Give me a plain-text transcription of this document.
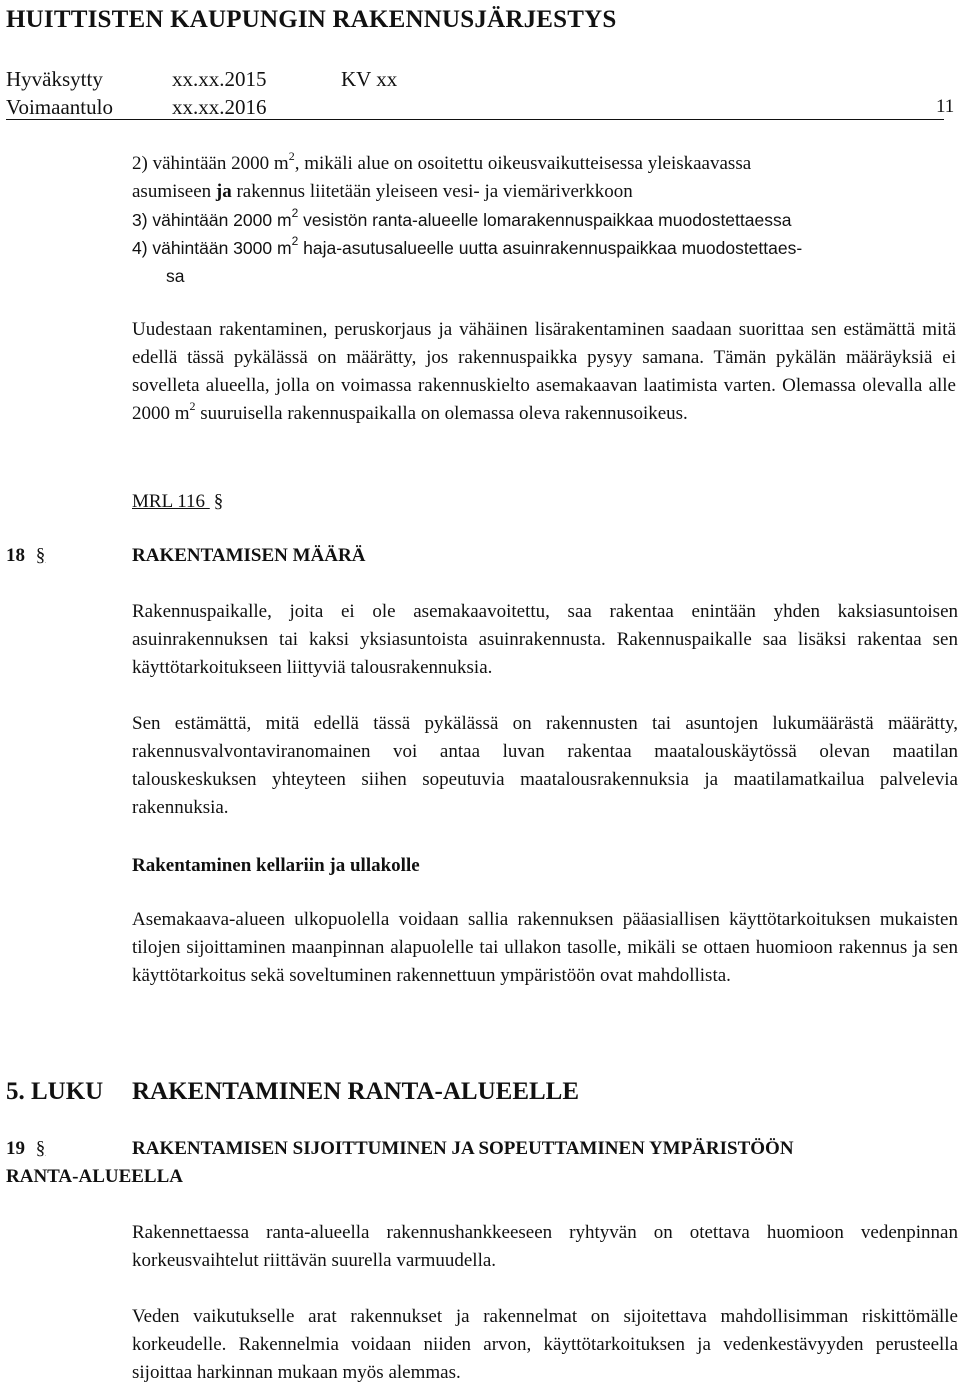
HUITTISTEN KAUPUNGIN RAKENNUSJÄRJESTYS
Hyväksytty	xx.xx.2015	KV xx
Voimaantulo	xx.xx.2016	11
2) vähintään 2000 $m^2$, mikäli alue on osoitettu oikeusvaikutteisessa yleiskaavassa
asumiseen ja rakennus liitetään yleiseen vesi- ja viemäriverkkoon
3) vähintään 2000 $m^2$ vesistön ranta-alueelle lomarakennuspaikkaa muodostettaessa
4) vähintään 3000 $m^2$ haja-asutusalueelle uutta asuinrakennuspaikkaa muodostettaes-
sa
Uudestaan rakentaminen, peruskorjaus ja vähäinen lisärakentaminen saadaan suorittaa sen estämättä mitä edellä tässä pykälässä on määrätty, jos rakennuspaikka pysyy samana. Tämän pykälän määräyksiä ei sovelleta alueella, jolla on voimassa rakennuskielto asemakaavan laatimista varten. Olemassa olevalla alle 2000 $m^2$ suuruisella rakennuspaikalla on olemassa oleva rakennusoikeus.
MRL 116 §
18 §	RAKENTAMISEN MÄÄRÄ
Rakennuspaikalle, joita ei ole asemakaavoitettu, saa rakentaa enintään yhden kaksiasuntoisen asuinrakennuksen tai kaksi yksiasuntoista asuinrakennusta. Rakennuspaikalle saa lisäksi rakentaa sen käyttötarkoitukseen liittyviä talousrakennuksia.
Sen estämättä, mitä edellä tässä pykälässä on rakennusten tai asuntojen lukumäärästä määrätty, rakennusvalvontaviranomainen voi antaa luvan rakentaa maatalouskäytössä olevan maatilan talouskeskuksen yhteyteen siihen sopeutuvia maatalousrakennuksia ja maatilamatkailua palvelevia rakennuksia.
Rakentaminen kellariin ja ullakolle
Asemakaava-alueen ulkopuolella voidaan sallia rakennuksen pääasiallisen käyttötarkoituksen mukaisten tilojen sijoittaminen maanpinnan alapuolelle tai ullakon tasolle, mikäli se ottaen huomioon rakennus ja sen käyttötarkoitus sekä soveltuminen rakennettuun ympäristöön ovat mahdollista.
5. LUKU RAKENTAMINEN RANTA-ALUEELLE
19 §	RAKENTAMISEN SIJOITTUMINEN JA SOPEUTTAMINEN YMPÄRISTÖÖN
RANTA-ALUEELLA
Rakennettaessa ranta-alueella rakennushankkeeseen ryhtyvän on otettava huomioon vedenpinnan korkeusvaihtelut riittävän suurella varmuudella.
Veden vaikutukselle arat rakennukset ja rakennelmat on sijoitettava mahdollisimman riskittömälle korkeudelle. Rakennelmia voidaan niiden arvon, käyttötarkoituksen ja vedenkestävyyden perusteella sijoittaa harkinnan mukaan myös alemmas.
